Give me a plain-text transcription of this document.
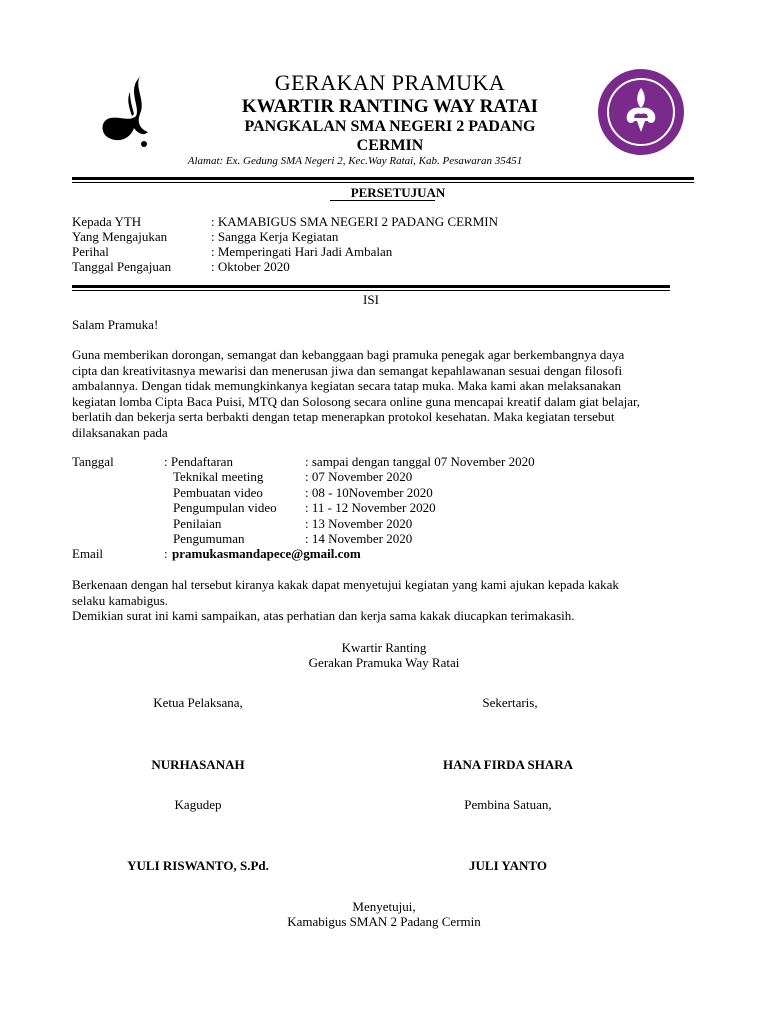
GERAKAN PRAMUKA
KWARTIR RANTING WAY RATAI
PANGKALAN SMA NEGERI 2 PADANG
CERMIN
Alamat: Ex. Gedung SMA Negeri 2, Kec.Way Ratai, Kab. Pesawaran 35451
PERSETUJUAN
Kepada YTH	: KAMABIGUS SMA NEGERI 2 PADANG CERMIN
Yang Mengajukan	: Sangga Kerja Kegiatan
Perihal	: Memperingati Hari Jadi Ambalan
Tanggal Pengajuan	: Oktober 2020
ISI
Salam Pramuka!
Guna memberikan dorongan, semangat dan kebanggaan bagi pramuka penegak agar berkembangnya daya
cipta dan kreativitasnya mewarisi dan menerusan jiwa dan semangat kepahlawanan sesuai dengan filosofi
ambalannya. Dengan tidak memungkinkanya kegiatan secara tatap muka. Maka kami akan melaksanakan
kegiatan lomba Cipta Baca Puisi, MTQ dan Solosong secara online guna mencapai kreatif dalam giat belajar,
berlatih dan bekerja serta berbakti dengan tetap menerapkan protokol kesehatan. Maka kegiatan tersebut
dilaksanakan pada
Tanggal	: Pendaftaran	: sampai dengan tanggal 07 November 2020
Teknikal meeting	: 07 November 2020
Pembuatan video	: 08 - 10November 2020
Pengumpulan video : 11 - 12 November 2020
Penilaian	: 13 November 2020
Pengumuman	: 14 November 2020
Email	: pramukasmandapece@gmail.com
Berkenaan dengan hal tersebut kiranya kakak dapat menyetujui kegiatan yang kami ajukan kepada kakak
selaku kamabigus.
Demikian surat ini kami sampaikan, atas perhatian dan kerja sama kakak diucapkan terimakasih.
Kwartir Ranting
Gerakan Pramuka Way Ratai
Ketua Pelaksana,	Sekertaris,
NURHASANAH	HANA FIRDA SHARA
Kagudep	Pembina Satuan,
YULI RISWANTO, S.Pd.	JULI YANTO
Menyetujui,
Kamabigus SMAN 2 Padang Cermin
